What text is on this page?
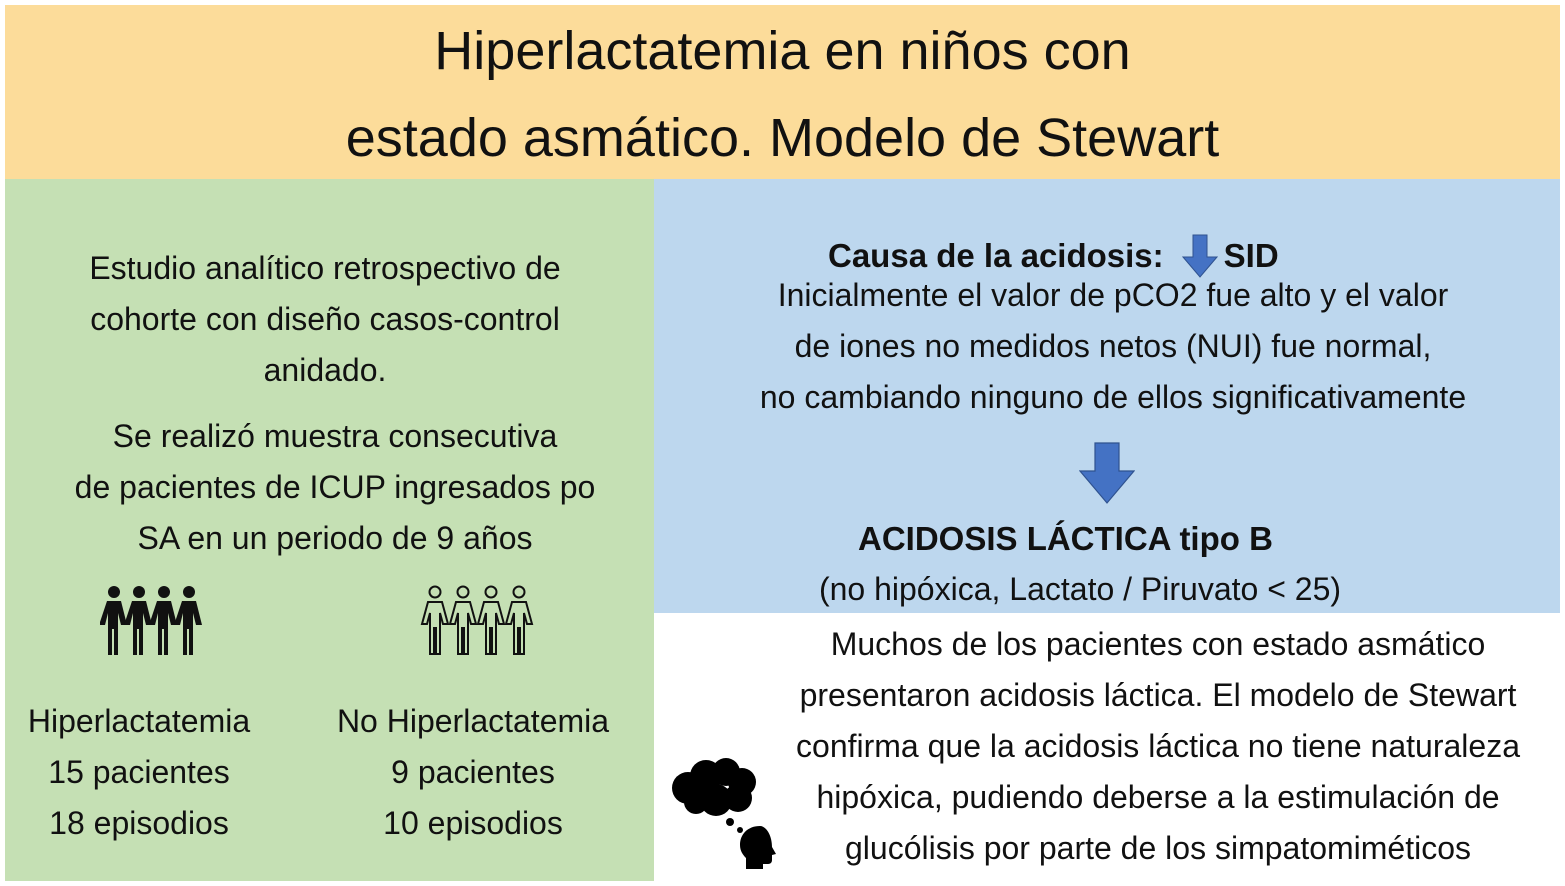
Hiperlactatemia en niños con
estado asmático. Modelo de Stewart
Estudio analítico retrospectivo de
cohorte con diseño casos-control
anidado.
Se realizó muestra consecutiva
de pacientes de ICUP ingresados po
SA en un periodo de 9 años
Hiperlactatemia
15 pacientes
18 episodios
No Hiperlactatemia
9 pacientes
10 episodios
Causa de la acidosis: SID
Inicialmente el valor de pCO2 fue alto y el valor
de iones no medidos netos (NUI) fue normal,
no cambiando ninguno de ellos significativamente
ACIDOSIS LÁCTICA tipo B
(no hipóxica, Lactato / Piruvato < 25)
Muchos de los pacientes con estado asmático
presentaron acidosis láctica. El modelo de Stewart
confirma que la acidosis láctica no tiene naturaleza
hipóxica, pudiendo deberse a la estimulación de
glucólisis por parte de los simpatomiméticos
